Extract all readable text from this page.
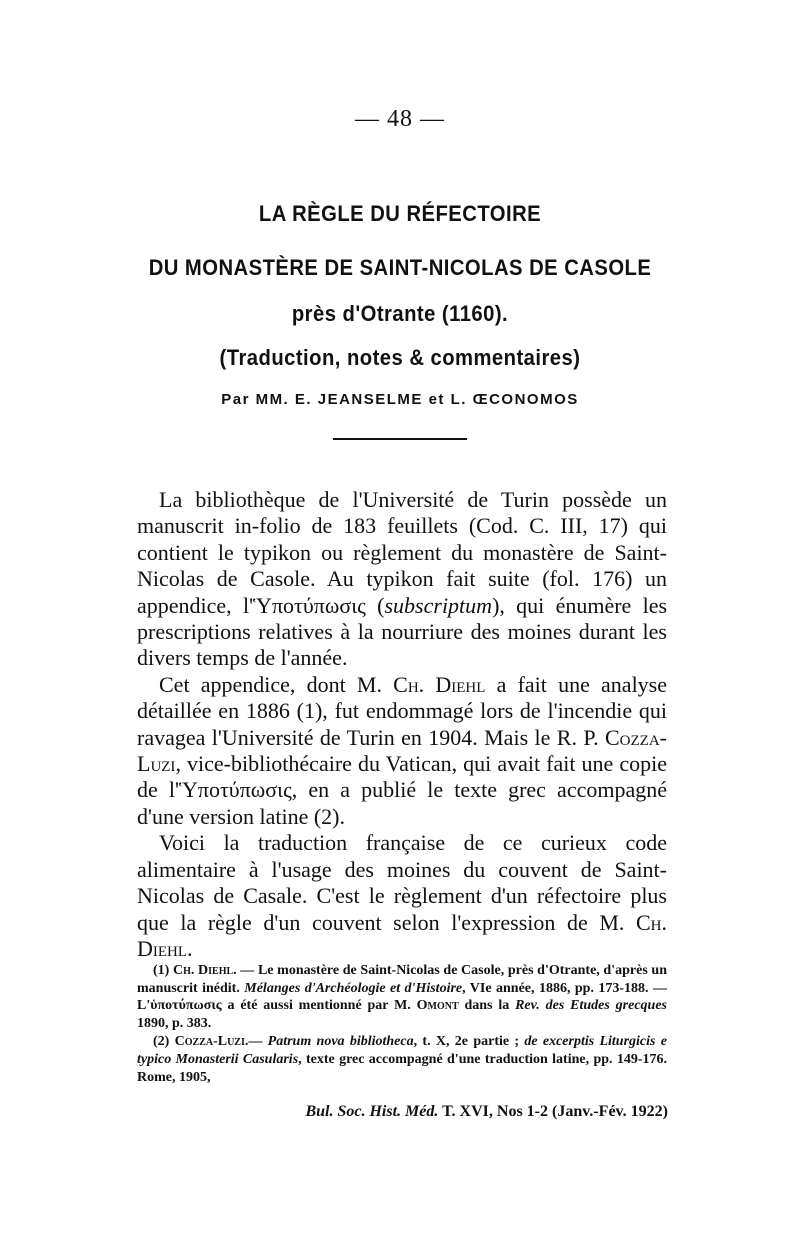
— 48 —
LA RÈGLE DU RÉFECTOIRE
DU MONASTÈRE DE SAINT-NICOLAS DE CASOLE
près d'Otrante (1160).
(Traduction, notes & commentaires)
Par MM. E. JEANSELME et L. ŒCONOMOS

La bibliothèque de l'Université de Turin possède un manuscrit in-folio de 183 feuillets (Cod. C. III, 17) qui contient le typikon ou règlement du monastère de Saint-Nicolas de Casole. Au typikon fait suite (fol. 176) un appendice, l'Ὑποτύπωσις (subscriptum), qui énumère les prescriptions relatives à la nourriure des moines durant les divers temps de l'année.

Cet appendice, dont M. Ch. Diehl a fait une analyse détaillée en 1886 (1), fut endommagé lors de l'incendie qui ravagea l'Université de Turin en 1904. Mais le R. P. Cozza-Luzi, vice-bibliothécaire du Vatican, qui avait fait une copie de l'Ὑποτύπωσις, en a publié le texte grec accompagné d'une version latine (2).

Voici la traduction française de ce curieux code alimentaire à l'usage des moines du couvent de Saint-Nicolas de Casale. C'est le règlement d'un réfectoire plus que la règle d'un couvent selon l'expression de M. Ch. Diehl.

(1) Ch. Diehl. — Le monastère de Saint-Nicolas de Casole, près d'Otrante, d'après un manuscrit inédit. Mélanges d'Archéologie et d'Histoire, VIe année, 1886, pp. 173-188. — L'ὑποτύπωσις a été aussi mentionné par M. Omont dans la Rev. des Etudes grecques 1890, p. 383.

(2) Cozza-Luzi.— Patrum nova bibliotheca, t. X, 2e partie ; de excerptis Liturgicis e typico Monasterii Casularis, texte grec accompagné d'une traduction latine, pp. 149-176. Rome, 1905,

Bul. Soc. Hist. Méd. T. XVI, Nos 1-2 (Janv.-Fév. 1922)
